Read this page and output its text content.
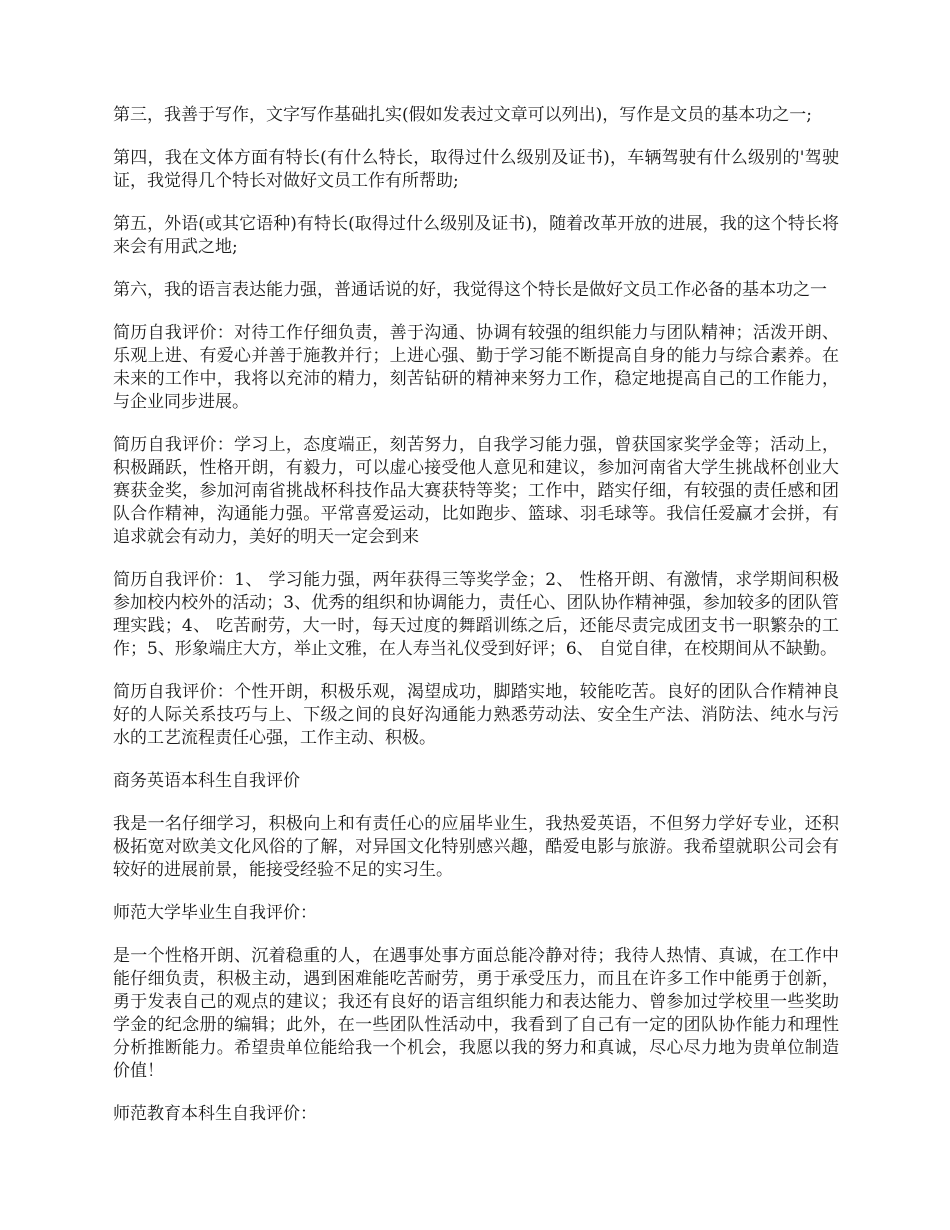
第三，我善于写作，文字写作基础扎实(假如发表过文章可以列出)，写作是文员的基本功之一;

第四，我在文体方面有特长(有什么特长，取得过什么级别及证书)，车辆驾驶有什么级别的'驾驶证，我觉得几个特长对做好文员工作有所帮助;

第五，外语(或其它语种)有特长(取得过什么级别及证书)，随着改革开放的进展，我的这个特长将来会有用武之地;

第六，我的语言表达能力强，普通话说的好，我觉得这个特长是做好文员工作必备的基本功之一

简历自我评价：对待工作仔细负责，善于沟通、协调有较强的组织能力与团队精神；活泼开朗、乐观上进、有爱心并善于施教并行；上进心强、勤于学习能不断提高自身的能力与综合素养。在未来的工作中，我将以充沛的精力，刻苦钻研的精神来努力工作，稳定地提高自己的工作能力，与企业同步进展。

简历自我评价：学习上，态度端正，刻苦努力，自我学习能力强，曾获国家奖学金等；活动上，积极踊跃，性格开朗，有毅力，可以虚心接受他人意见和建议，参加河南省大学生挑战杯创业大赛获金奖，参加河南省挑战杯科技作品大赛获特等奖；工作中，踏实仔细，有较强的责任感和团队合作精神，沟通能力强。平常喜爱运动，比如跑步、篮球、羽毛球等。我信任爱赢才会拼，有追求就会有动力，美好的明天一定会到来

简历自我评价：1、 学习能力强，两年获得三等奖学金；2、 性格开朗、有激情，求学期间积极参加校内校外的活动；3、优秀的组织和协调能力，责任心、团队协作精神强，参加较多的团队管理实践；4、 吃苦耐劳，大一时，每天过度的舞蹈训练之后，还能尽责完成团支书一职繁杂的工作；5、形象端庄大方，举止文雅，在人寿当礼仪受到好评；6、 自觉自律，在校期间从不缺勤。

简历自我评价：个性开朗，积极乐观，渴望成功，脚踏实地，较能吃苦。良好的团队合作精神良好的人际关系技巧与上、下级之间的良好沟通能力熟悉劳动法、安全生产法、消防法、纯水与污水的工艺流程责任心强，工作主动、积极。

商务英语本科生自我评价

我是一名仔细学习，积极向上和有责任心的应届毕业生，我热爱英语，不但努力学好专业，还积极拓宽对欧美文化风俗的了解，对异国文化特别感兴趣，酷爱电影与旅游。我希望就职公司会有较好的进展前景，能接受经验不足的实习生。

师范大学毕业生自我评价：

是一个性格开朗、沉着稳重的人，在遇事处事方面总能冷静对待；我待人热情、真诚，在工作中能仔细负责，积极主动，遇到困难能吃苦耐劳，勇于承受压力，而且在许多工作中能勇于创新，勇于发表自己的观点的建议；我还有良好的语言组织能力和表达能力、曾参加过学校里一些奖助学金的纪念册的编辑；此外，在一些团队性活动中，我看到了自己有一定的团队协作能力和理性分析推断能力。希望贵单位能给我一个机会，我愿以我的努力和真诚，尽心尽力地为贵单位制造价值！

师范教育本科生自我评价：
